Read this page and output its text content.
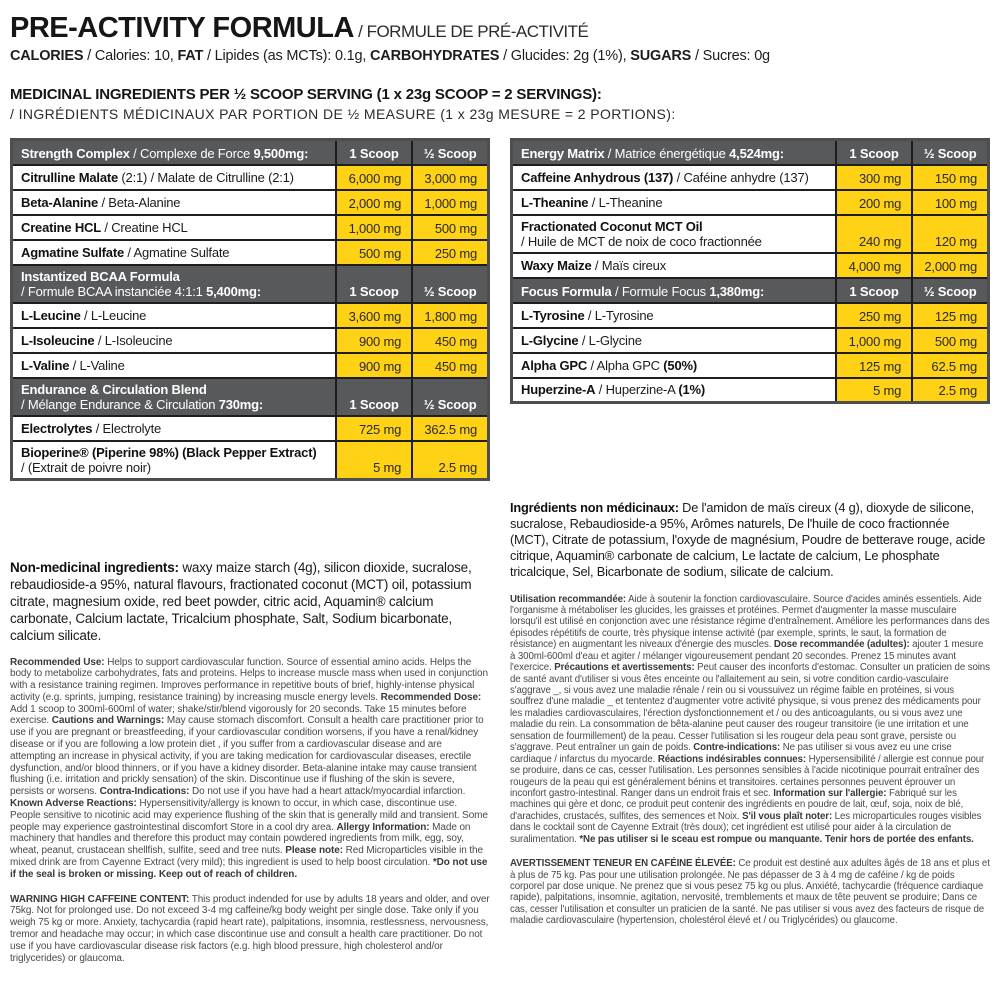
PRE-ACTIVITY FORMULA / FORMULE DE PRÉ-ACTIVITÉ

CALORIES / Calories: 10, FAT / Lipides (as MCTs): 0.1g, CARBOHYDRATES / Glucides: 2g (1%), SUGARS / Sucres: 0g

MEDICINAL INGREDIENTS PER ½ SCOOP SERVING (1 x 23g SCOOP = 2 SERVINGS):

/ INGRÉDIENTS MÉDICINAUX PAR PORTION DE ½ MEASURE (1 x 23g MESURE = 2 PORTIONS):

Strength Complex / Complexe de Force 9,500mg:	1 Scoop	½ Scoop
Citrulline Malate (2:1) / Malate de Citrulline (2:1)	6,000 mg	3,000 mg
Beta-Alanine / Beta-Alanine	2,000 mg	1,000 mg
Creatine HCL / Creatine HCL	1,000 mg	500 mg
Agmatine Sulfate / Agmatine Sulfate	500 mg	250 mg
Instantized BCAA Formula
/ Formule BCAA instanciée 4:1:1 5,400mg:	1 Scoop	½ Scoop
L-Leucine / L-Leucine	3,600 mg	1,800 mg
L-Isoleucine / L-Isoleucine	900 mg	450 mg
L-Valine / L-Valine	900 mg	450 mg
Endurance & Circulation Blend
/ Mélange Endurance & Circulation 730mg:	1 Scoop	½ Scoop
Electrolytes / Electrolyte	725 mg	362.5 mg
Bioperine® (Piperine 98%) (Black Pepper Extract)
/ (Extrait de poivre noir)	5 mg	2.5 mg

Non-medicinal ingredients: waxy maize starch (4g), silicon dioxide, sucralose, rebaudioside-a 95%, natural flavours, fractionated coconut (MCT) oil, potassium citrate, magnesium oxide, red beet powder, citric acid, Aquamin® calcium carbonate, Calcium lactate, Tricalcium phosphate, Salt, Sodium bicarbonate, calcium silicate.

Recommended Use: Helps to support cardiovascular function. Source of essential amino acids. Helps the body to metabolize carbohydrates, fats and proteins. Helps to increase muscle mass when used in conjunction with a resistance training regimen. Improves performance in repetitive bouts of brief, highly-intense physical activity (e.g. sprints, jumping, resistance training) by increasing muscle energy levels. Recommended Dose: Add 1 scoop to 300ml-600ml of water; shake/stir/blend vigorously for 20 seconds. Take 15 minutes before exercise. Cautions and Warnings: May cause stomach discomfort. Consult a health care practitioner prior to use if you are pregnant or breastfeeding, if your cardiovascular condition worsens, if you have a renal/kidney disease or if you are following a low protein diet , if you suffer from a cardiovascular disease and are attempting an increase in physical activity, if you are taking medication for cardiovascular diseases, erectile dysfunction, and/or blood thinners, or if you have a kidney disorder. Beta-alanine intake may cause transient flushing (i.e. irritation and prickly sensation) of the skin. Discontinue use if flushing of the skin is severe, persists or worsens. Contra-Indications: Do not use if you have had a heart attack/myocardial infarction. Known Adverse Reactions: Hypersensitivity/allergy is known to occur, in which case, discontinue use. People sensitive to nicotinic acid may experience flushing of the skin that is generally mild and transient. Some people may experience gastrointestinal discomfort Store in a cool dry area. Allergy Information: Made on machinery that handles and therefore this product may contain powdered ingredients from milk, egg, soy, wheat, peanut, crustacean shellfish, sulfite, seed and tree nuts. Please note: Red Microparticles visible in the mixed drink are from Cayenne Extract (very mild); this ingredient is used to help boost circulation. *Do not use if the seal is broken or missing. Keep out of reach of children.

WARNING HIGH CAFFEINE CONTENT: This product indended for use by adults 18 years and older, and over 75kg. Not for prolonged use. Do not exceed 3-4 mg caffeine/kg body weight per single dose. Take only if you weigh 75 kg or more. Anxiety, tachycardia (rapid heart rate), palpitations, insomnia, restlessness, nervousness, tremor and headache may occur; in which case discontinue use and consult a health care practitioner. Do not use if you have cardiovascular disease risk factors (e.g. high blood pressure, high cholesterol and/or triglycerides) or glaucoma.

Energy Matrix / Matrice énergétique 4,524mg:	1 Scoop	½ Scoop
Caffeine Anhydrous (137) / Caféine anhydre (137)	300 mg	150 mg
L-Theanine / L-Theanine	200 mg	100 mg
Fractionated Coconut MCT Oil
/ Huile de MCT de noix de coco fractionnée	240 mg	120 mg
Waxy Maize / Maïs cireux	4,000 mg	2,000 mg
Focus Formula / Formule Focus 1,380mg:	1 Scoop	½ Scoop
L-Tyrosine / L-Tyrosine	250 mg	125 mg
L-Glycine / L-Glycine	1,000 mg	500 mg
Alpha GPC / Alpha GPC (50%)	125 mg	62.5 mg
Huperzine-A / Huperzine-A (1%)	5 mg	2.5 mg

Ingrédients non médicinaux: De l'amidon de maïs cireux (4 g), dioxyde de silicone, sucralose, Rebaudioside-a 95%, Arômes naturels, De l'huile de coco fractionnée (MCT), Citrate de potassium, l'oxyde de magnésium, Poudre de betterave rouge, acide citrique, Aquamin® carbonate de calcium, Le lactate de calcium, Le phosphate tricalcique, Sel, Bicarbonate de sodium, silicate de calcium.

Utilisation recommandée: Aide à soutenir la fonction cardiovasculaire. Source d'acides aminés essentiels. Aide l'organisme à métaboliser les glucides, les graisses et protéines. Permet d'augmenter la masse musculaire lorsqu'il est utilisé en conjonction avec une résistance régime d'entraînement. Améliore les performances dans des épisodes répétitifs de courte, très physique intense activité (par exemple, sprints, le saut, la formation de résistance) en augmentant les niveaux d'énergie des muscles. Dose recommandée (adultes): ajouter 1 mesure à 300ml-600ml d'eau et agiter / mélanger vigoureusement pendant 20 secondes. Prenez 15 minutes avant l'exercice. Précautions et avertissements: Peut causer des inconforts d'estomac. Consulter un praticien de soins de santé avant d'utiliser si vous êtes enceinte ou l'allaitement au sein, si votre condition cardio-vasculaire s'aggrave _, si vous avez une maladie rénale / rein ou si voussuivez un régime faible en protéines, si vous souffrez d'une maladie _ et tententez d'augmenter votre activité physique, si vous prenez des médicaments pour les maladies cardiovasculaires, l'érection dysfonctionnement et / ou des anticoagulants, ou si vous avez une maladie du rein. La consommation de bêta-alanine peut causer des rougeur transitoire (ie une irritation et une sensation de fourmillement) de la peau. Cesser l'utilisation si les rougeur dela peau sont grave, persiste ou s'aggrave. Peut entraîner un gain de poids. Contre-indications: Ne pas utiliser si vous avez eu une crise cardiaque / infarctus du myocarde. Réactions indésirables connues: Hypersensibilité / allergie est connue pour se produire, dans ce cas, cesser l'utilisation. Les personnes sensibles à l'acide nicotinique pourrait entraîner des rougeurs de la peau qui est généralement bénins et transitoires. certaines personnes peuvent éprouver un inconfort gastro-intestinal. Ranger dans un endroit frais et sec. Information sur l'allergie: Fabriqué sur les machines qui gère et donc, ce produit peut contenir des ingrédients en poudre de lait, œuf, soja, noix de blé, d'arachides, crustacés, sulfites, des semences et Noix. S'il vous plaît noter: Les microparticules rouges visibles dans le cocktail sont de Cayenne Extrait (très doux); cet ingrédient est utilisé pour aider à la circulation de suralimentation. *Ne pas utiliser si le sceau est rompue ou manquante. Tenir hors de portée des enfants.

AVERTISSEMENT TENEUR EN CAFÉINE ÉLEVÉE: Ce produit est destiné aux adultes âgés de 18 ans et plus et à plus de 75 kg. Pas pour une utilisation prolongée. Ne pas dépasser de 3 à 4 mg de caféine / kg de poids corporel par dose unique. Ne prenez que si vous pesez 75 kg ou plus. Anxiété, tachycardie (fréquence cardiaque rapide), palpitations, insomnie, agitation, nervosité, tremblements et maux de tête peuvent se produire; Dans ce cas, cesser l'utilisation et consulter un praticien de la santé. Ne pas utiliser si vous avez des facteurs de risque de maladie cardiovasculaire (hypertension, cholestérol élevé et / ou Triglycérides) ou glaucome.
